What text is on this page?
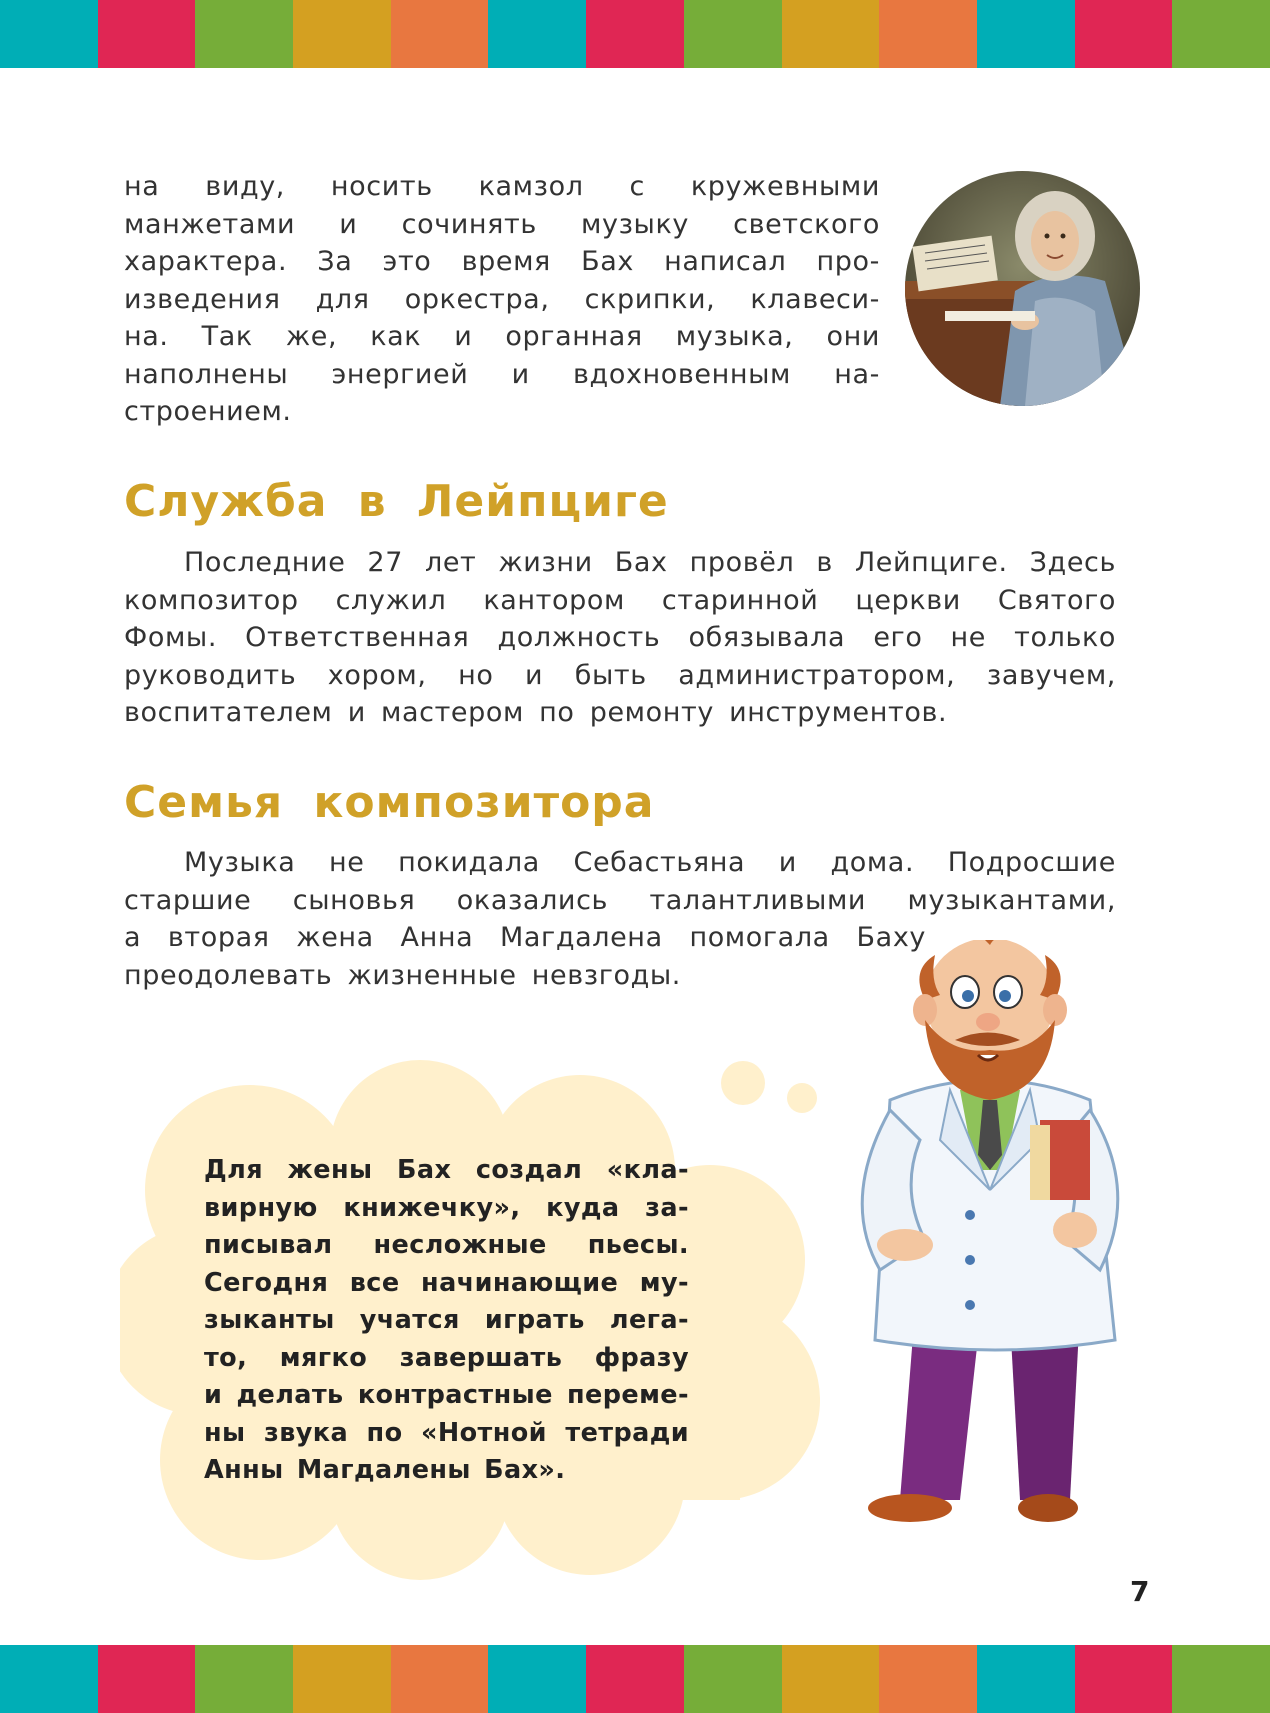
на виду, носить камзол с кружевными
манжетами и сочинять музыку светского
характера. За это время Бах написал про-
изведения для оркестра, скрипки, клавеси-
на. Так же, как и органная музыка, они
наполнены энергией и вдохновенным на-
строением.
Служба в Лейпциге
Последние 27 лет жизни Бах провёл в Лейпциге. Здесь
композитор служил кантором старинной церкви Святого
Фомы. Ответственная должность обязывала его не только
руководить хором, но и быть администратором, завучем,
воспитателем и мастером по ремонту инструментов.
Семья композитора
Музыка не покидала Себастьяна и дома. Подросшие
старшие сыновья оказались талантливыми музыкантами,
а вторая жена Анна Магдалена помогала Баху
преодолевать жизненные невзгоды.
Для жены Бах создал «кла-
вирную книжечку», куда за-
писывал несложные пьесы.
Сегодня все начинающие му-
зыканты учатся играть лега-
то, мягко завершать фразу
и делать контрастные переме-
ны звука по «Нотной тетради
Анны Магдалены Бах».
7
